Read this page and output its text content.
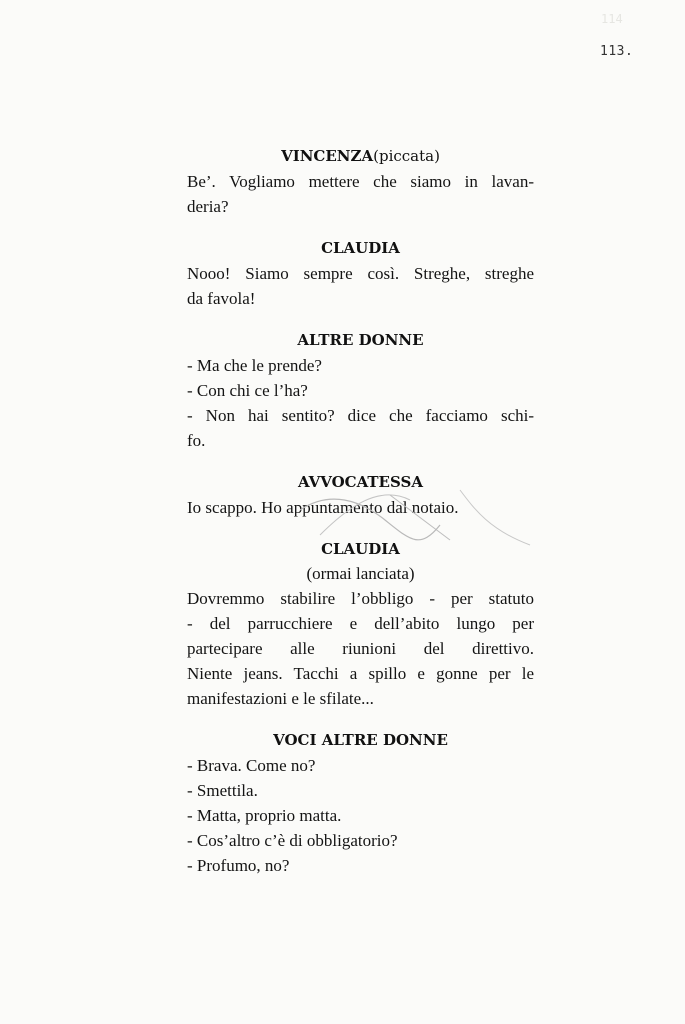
114
113.
VINCENZA(piccata)
Be’. Vogliamo mettere che siamo in lavan-
deria?
CLAUDIA
Nooo! Siamo sempre così. Streghe, streghe
da favola!
ALTRE DONNE
- Ma che le prende?
- Con chi ce l’ha?
- Non hai sentito? dice che facciamo schi-
fo.
AVVOCATESSA
Io scappo. Ho appuntamento dal notaio.
CLAUDIA
(ormai lanciata)
Dovremmo stabilire l’obbligo - per statuto
- del parrucchiere e dell’abito lungo per
partecipare alle riunioni del direttivo.
Niente jeans. Tacchi a spillo e gonne per le
manifestazioni e le sfilate...
VOCI ALTRE DONNE
- Brava. Come no?
- Smettila.
- Matta, proprio matta.
- Cos’altro c’è di obbligatorio?
- Profumo, no?
